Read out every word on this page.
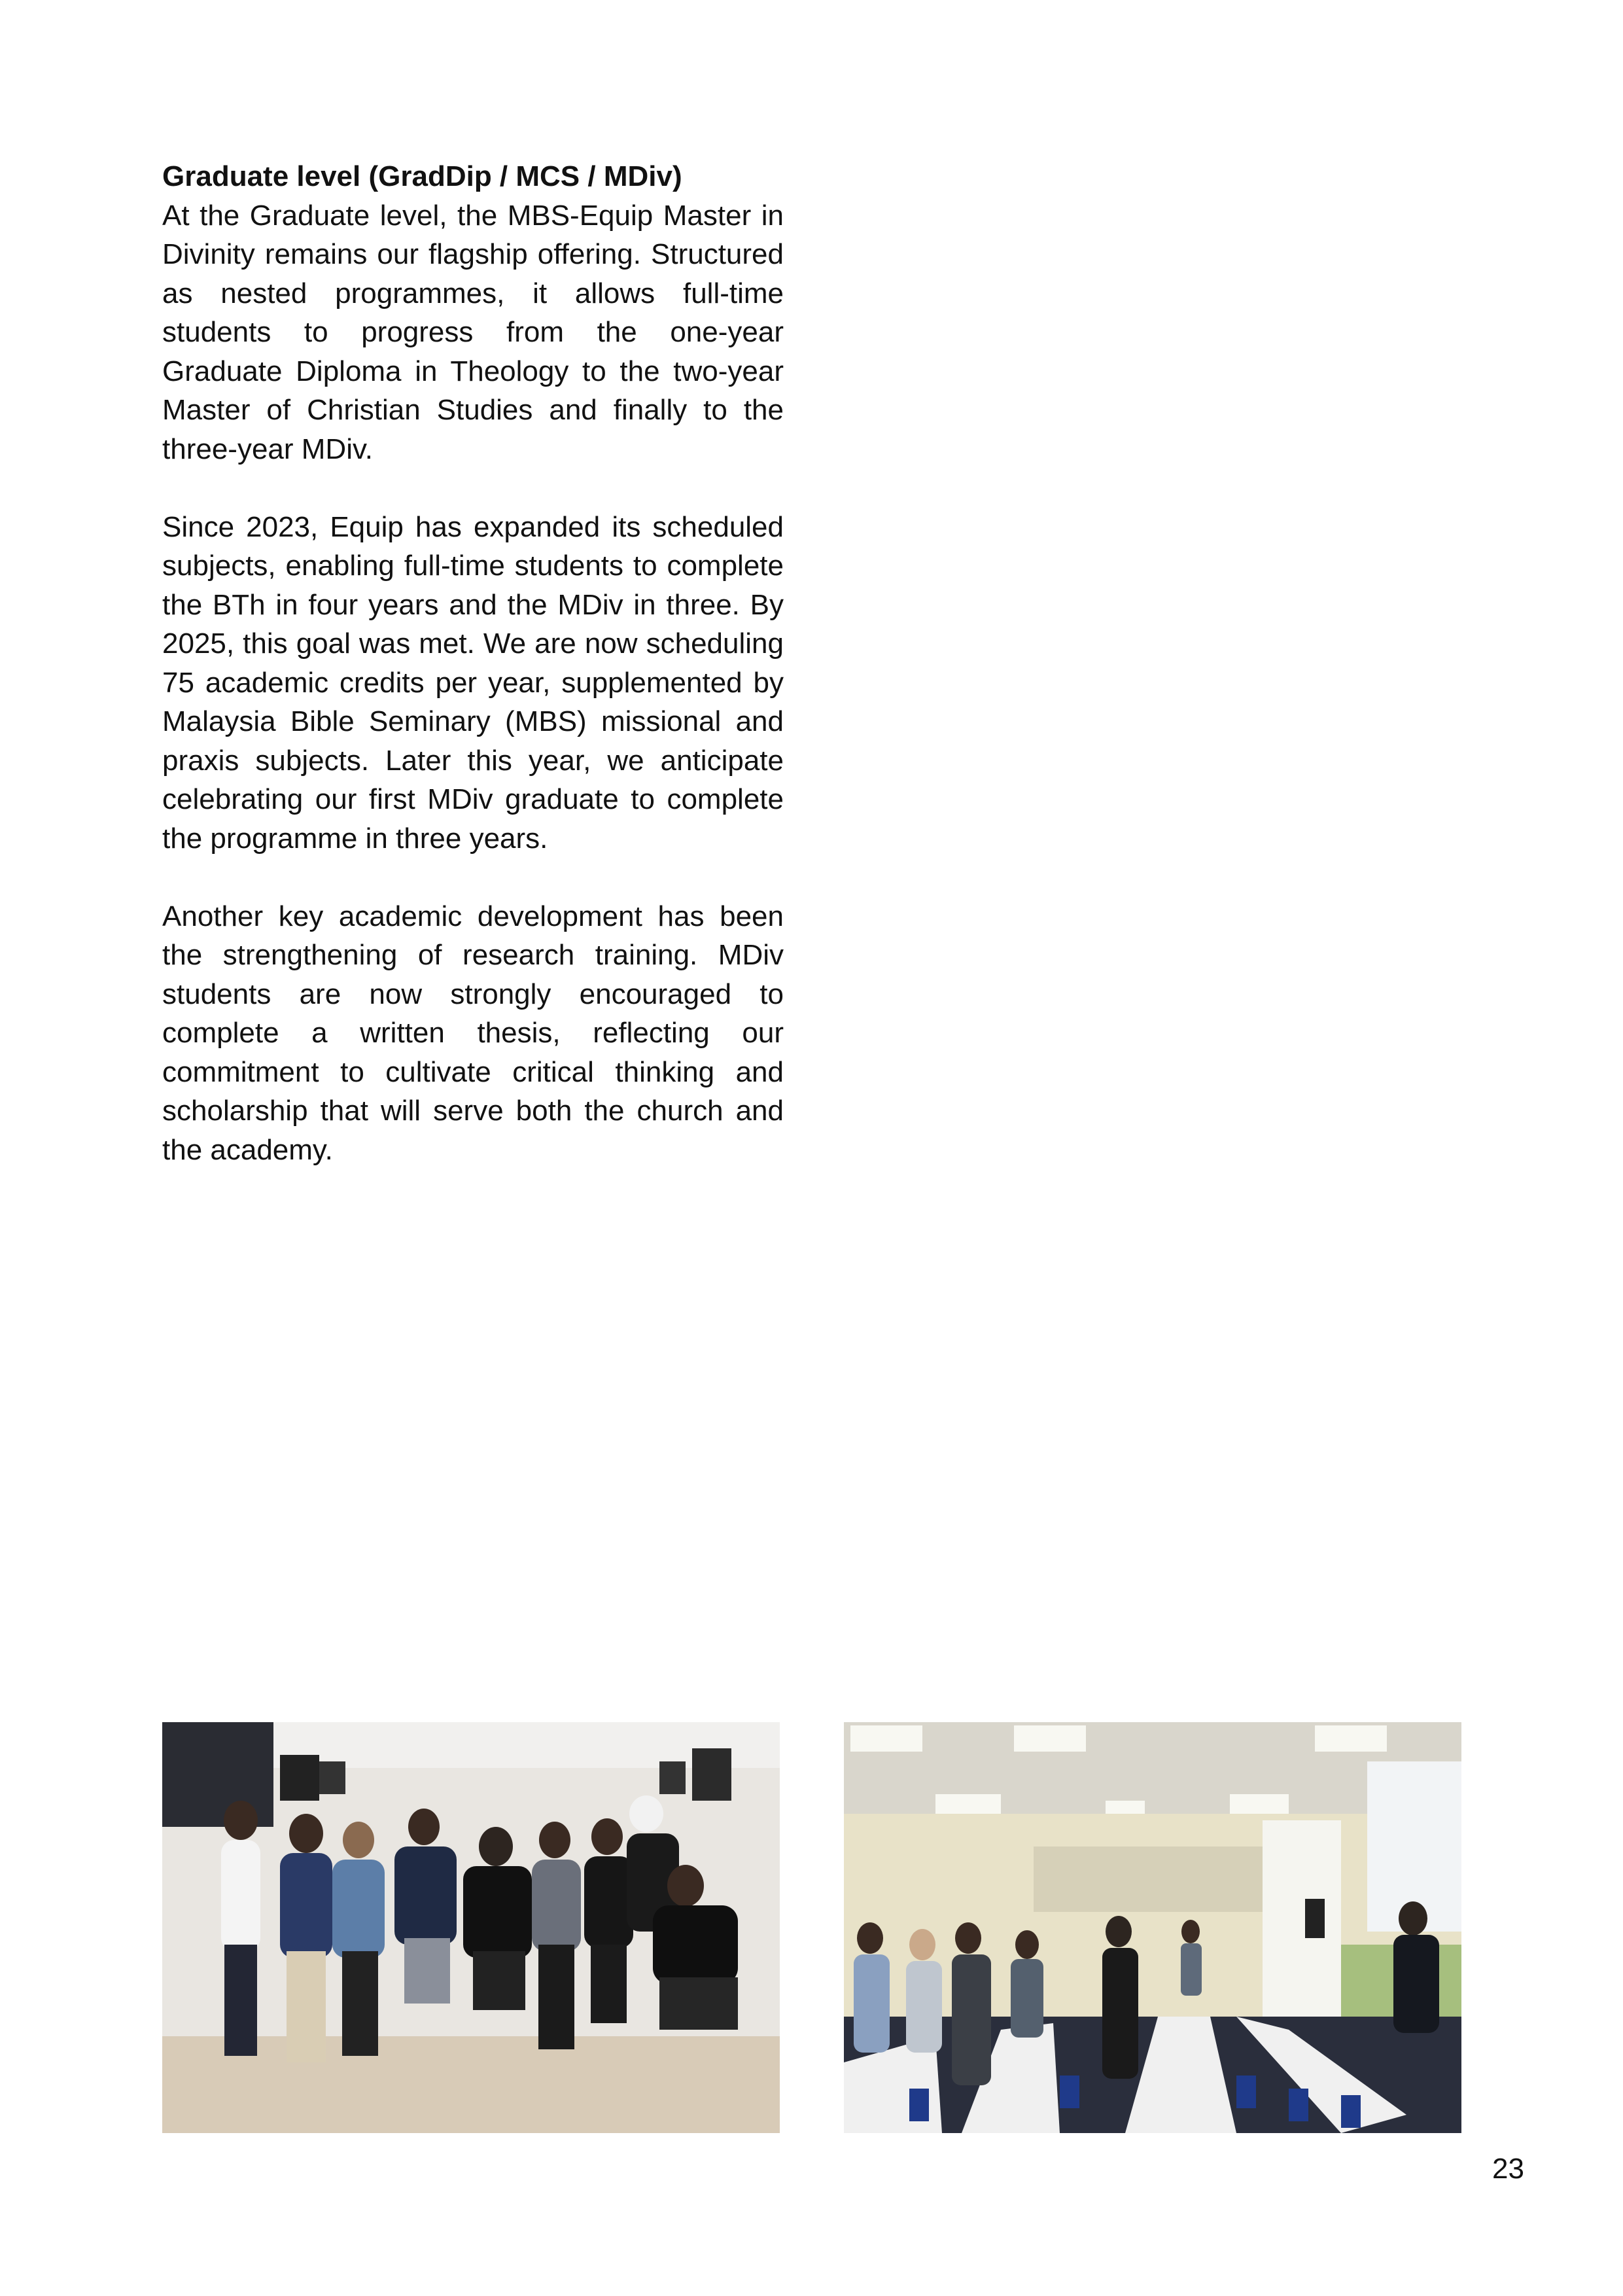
Graduate level (GradDip / MCS / MDiv)

At the Graduate level, the MBS-Equip Master in Divinity remains our flagship offering. Structured as nested programmes, it allows full-time students to progress from the one-year Graduate Diploma in Theology to the two-year Master of Christian Studies and finally to the three-year MDiv.

Since 2023, Equip has expanded its scheduled subjects, enabling full-time students to complete the BTh in four years and the MDiv in three. By 2025, this goal was met. We are now scheduling 75 academic credits per year, supplemented by Malaysia Bible Seminary (MBS) missional and praxis subjects. Later this year, we anticipate celebrating our first MDiv graduate to complete the programme in three years.

Another key academic development has been the strengthening of research training. MDiv students are now strongly encouraged to complete a written thesis, reflecting our commitment to cultivate critical thinking and scholarship that will serve both the church and the academy.

23
